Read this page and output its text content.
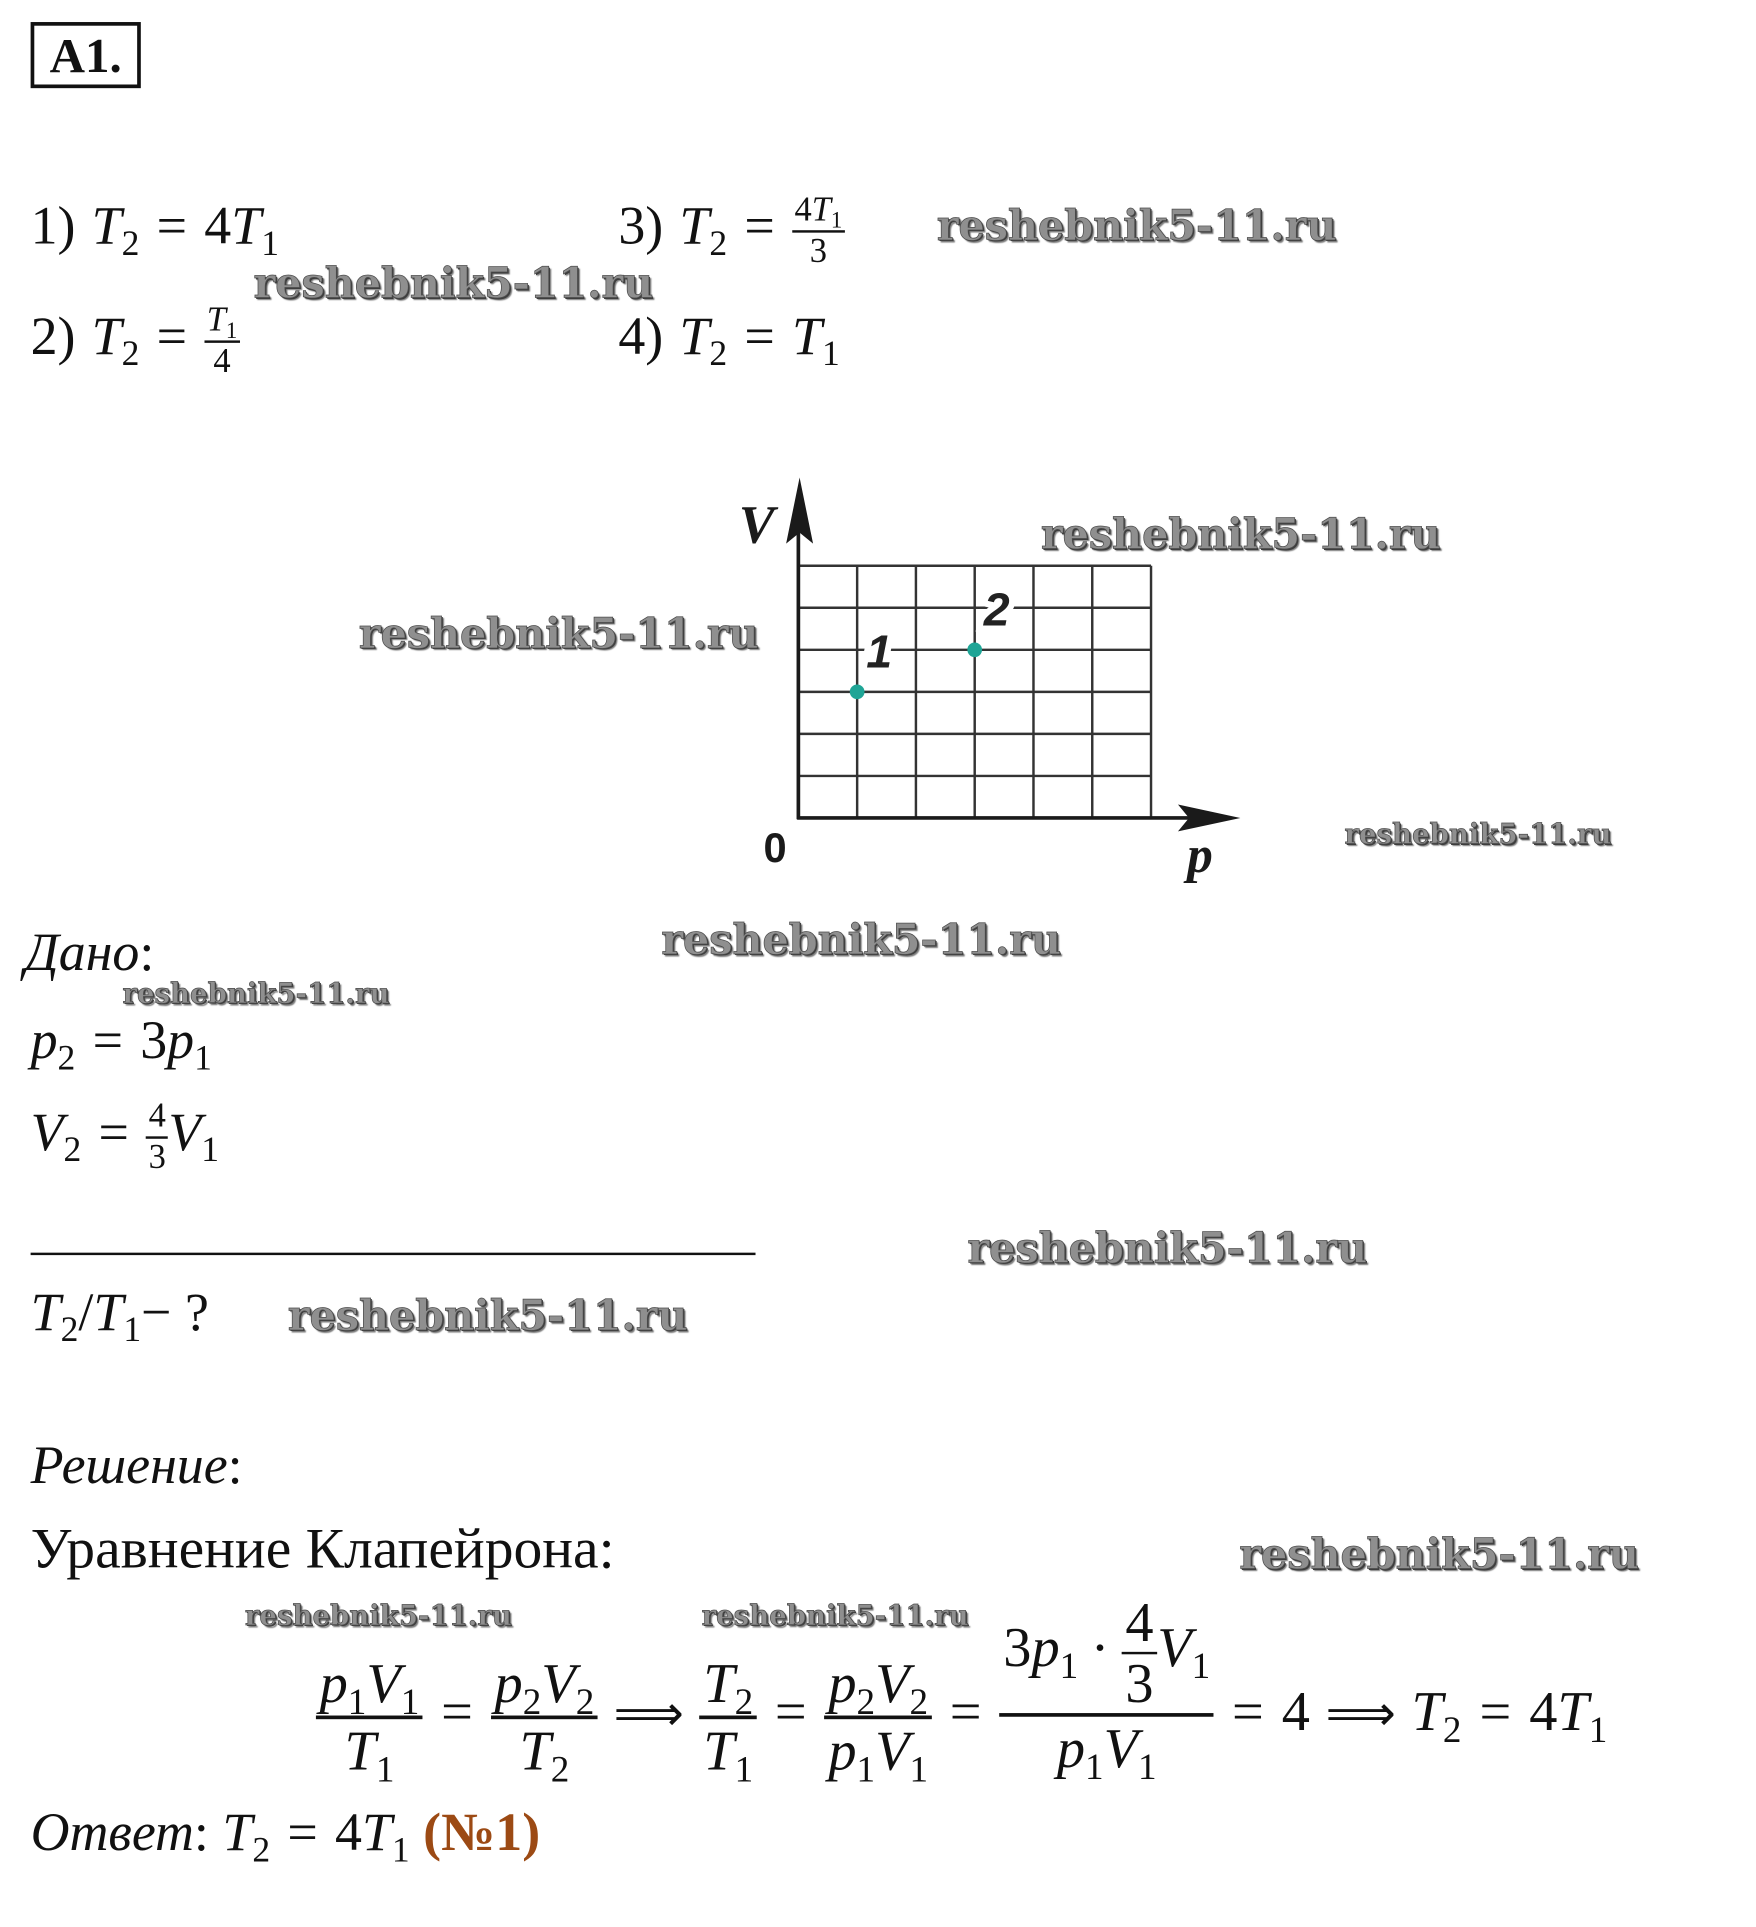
A1.
1) $T_2 = 4T_1$	3) $T_2 = \frac{4T_1}{3}$
2) $T_2 = \frac{T_1}{4}$	4) $T_2 = T_1$
V
0	p
1
2
Дано:
$p_2 = 3p_1$
$V_2 = \frac{4}{3} V_1$
$T_2/T_1-$ ?
Решение:
Уравнение Клапейрона:
$\frac{p_1V_1}{T_1} = \frac{p_2V_2}{T_2}$ ⟹ $\frac{T_2}{T_1} = \frac{p_2V_2}{p_1V_1} = \frac{3p_1 \cdot \frac{4}{3} V_1}{p_1V_1} = 4$ ⟹ $T_2 = 4T_1$
Ответ: $T_2 = 4T_1$ (№1)
reshebnik5-11.ru
reshebnik5-11.ru
reshebnik5-11.ru
reshebnik5-11.ru
reshebnik5-11.ru
reshebnik5-11.ru
reshebnik5-11.ru
reshebnik5-11.ru
reshebnik5-11.ru
reshebnik5-11.ru
reshebnik5-11.ru	reshebnik5-11.ru
